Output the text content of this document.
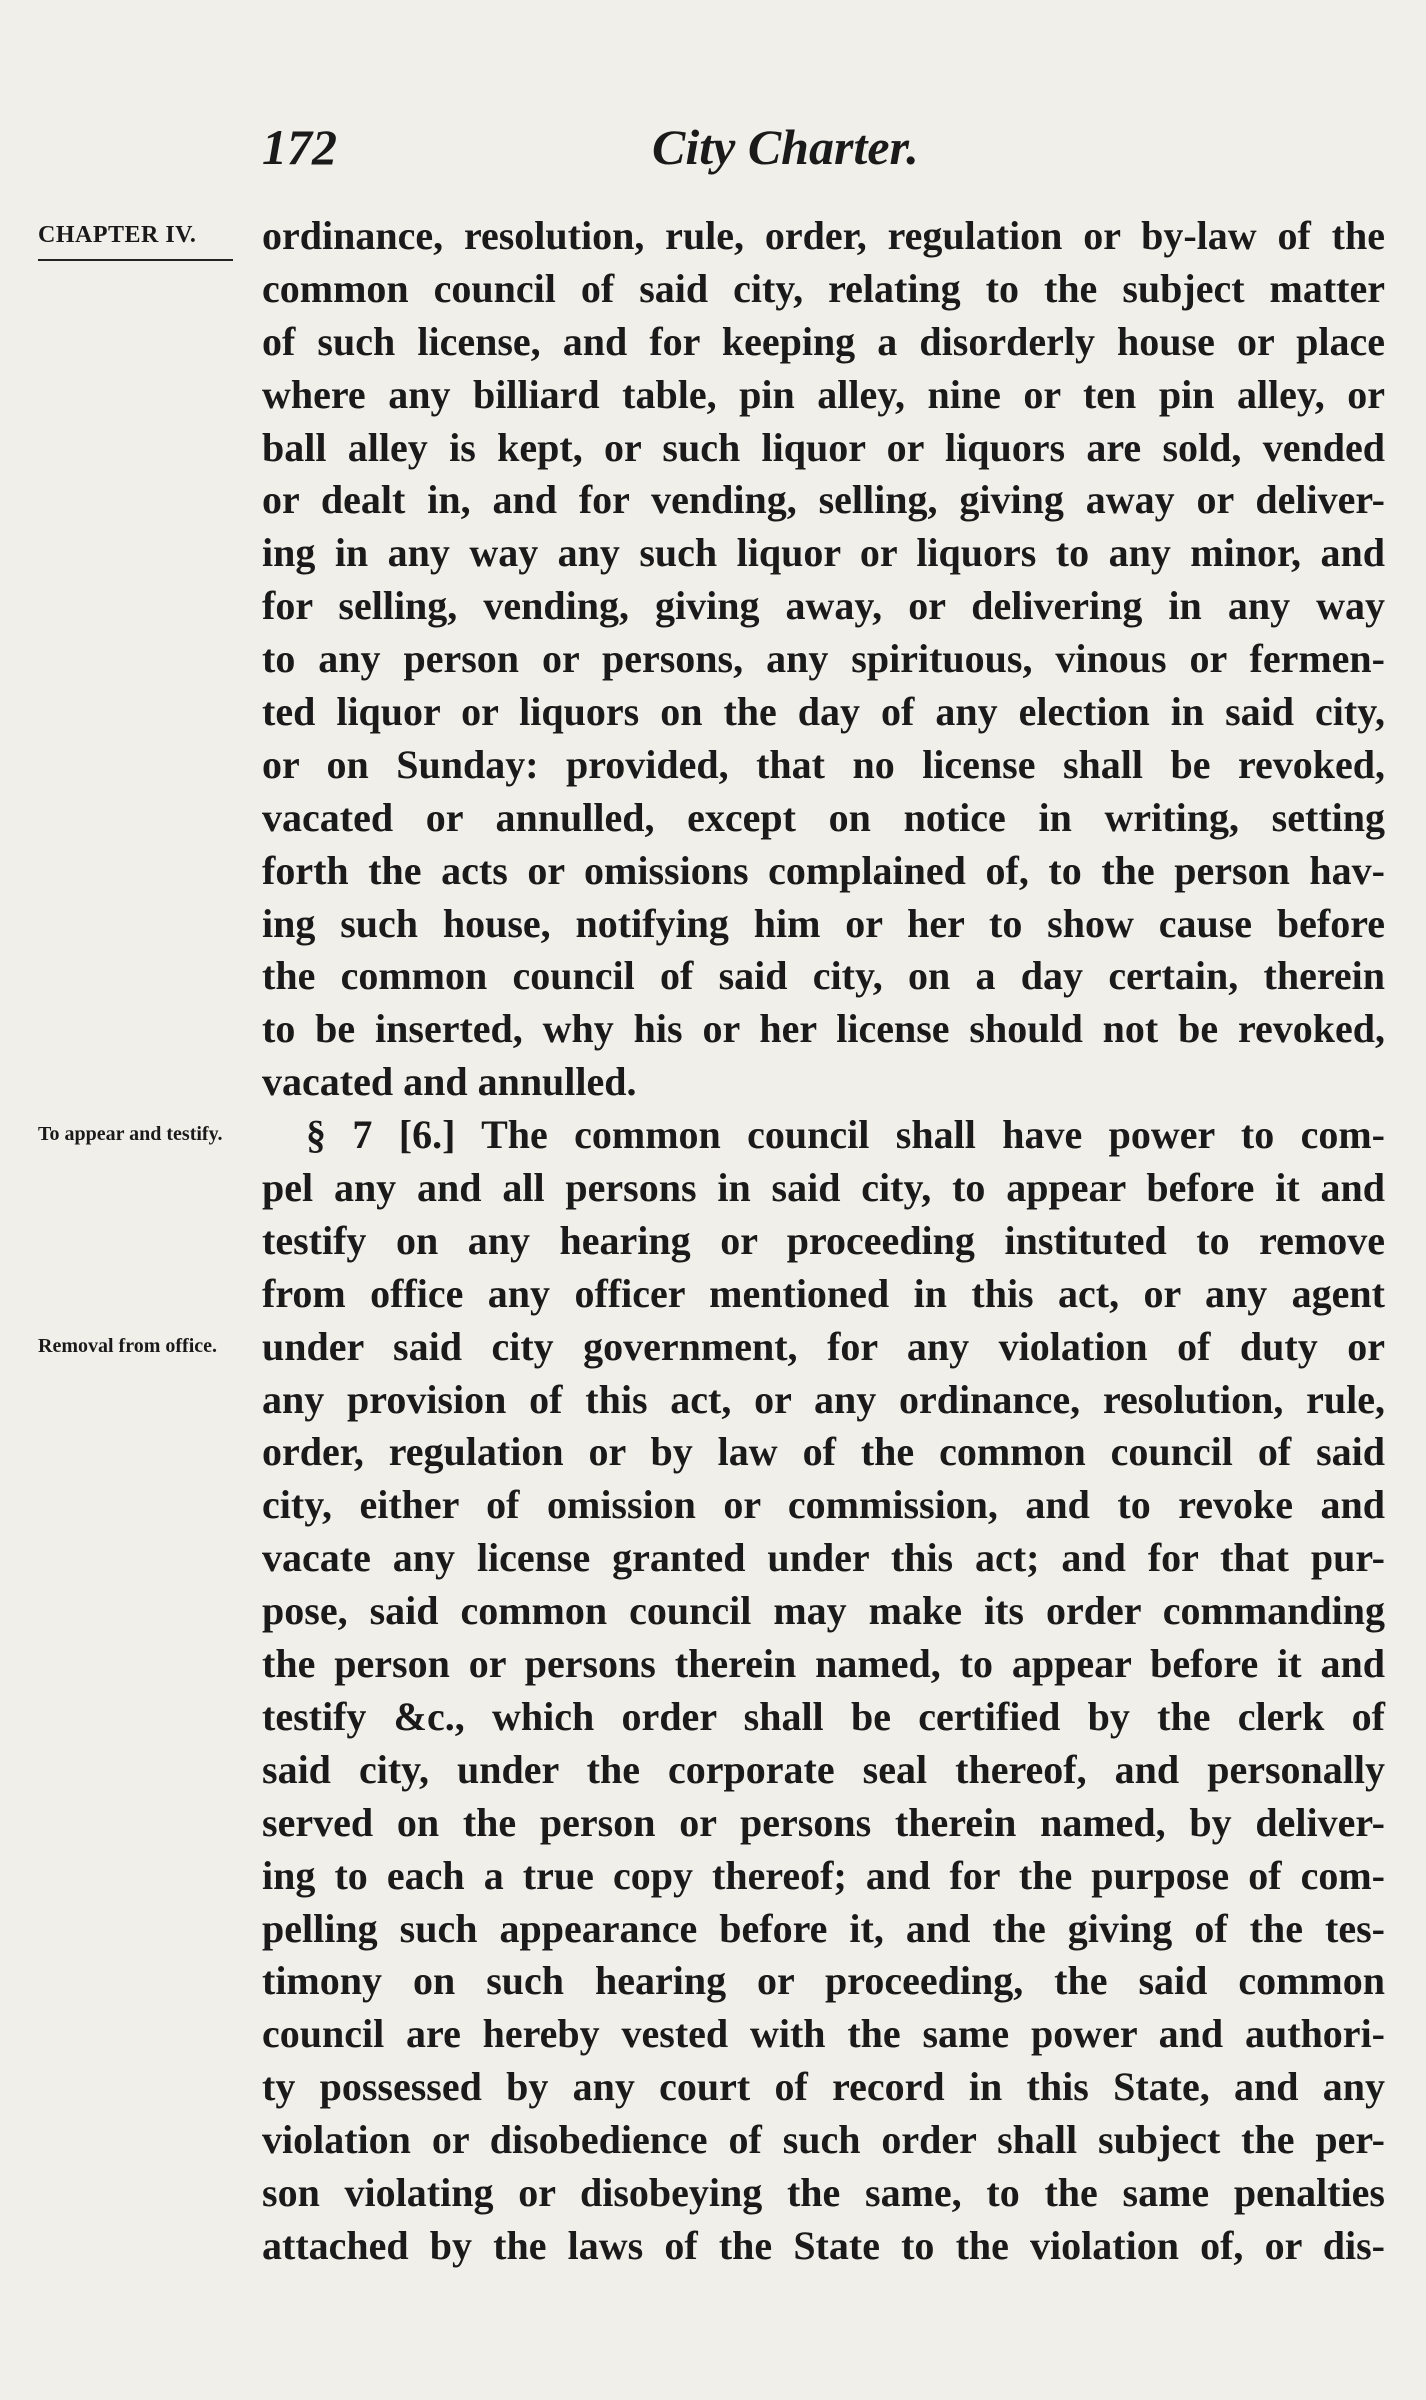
172	City Charter.
CHAPTER IV.
To appear and testify.
Removal from office.
ordinance, resolution, rule, order, regulation or by-law of the
common council of said city, relating to the subject matter
of such license, and for keeping a disorderly house or place
where any billiard table, pin alley, nine or ten pin alley, or
ball alley is kept, or such liquor or liquors are sold, vended
or dealt in, and for vending, selling, giving away or deliver-
ing in any way any such liquor or liquors to any minor, and
for selling, vending, giving away, or delivering in any way
to any person or persons, any spirituous, vinous or fermen-
ted liquor or liquors on the day of any election in said city,
or on Sunday: provided, that no license shall be revoked,
vacated or annulled, except on notice in writing, setting
forth the acts or omissions complained of, to the person hav-
ing such house, notifying him or her to show cause before
the common council of said city, on a day certain, therein
to be inserted, why his or her license should not be revoked,
vacated and annulled.
§ 7 [6.] The common council shall have power to com-
pel any and all persons in said city, to appear before it and
testify on any hearing or proceeding instituted to remove
from office any officer mentioned in this act, or any agent
under said city government, for any violation of duty or
any provision of this act, or any ordinance, resolution, rule,
order, regulation or by law of the common council of said
city, either of omission or commission, and to revoke and
vacate any license granted under this act; and for that pur-
pose, said common council may make its order commanding
the person or persons therein named, to appear before it and
testify &c., which order shall be certified by the clerk of
said city, under the corporate seal thereof, and personally
served on the person or persons therein named, by deliver-
ing to each a true copy thereof; and for the purpose of com-
pelling such appearance before it, and the giving of the tes-
timony on such hearing or proceeding, the said common
council are hereby vested with the same power and authori-
ty possessed by any court of record in this State, and any
violation or disobedience of such order shall subject the per-
son violating or disobeying the same, to the same penalties
attached by the laws of the State to the violation of, or dis-
